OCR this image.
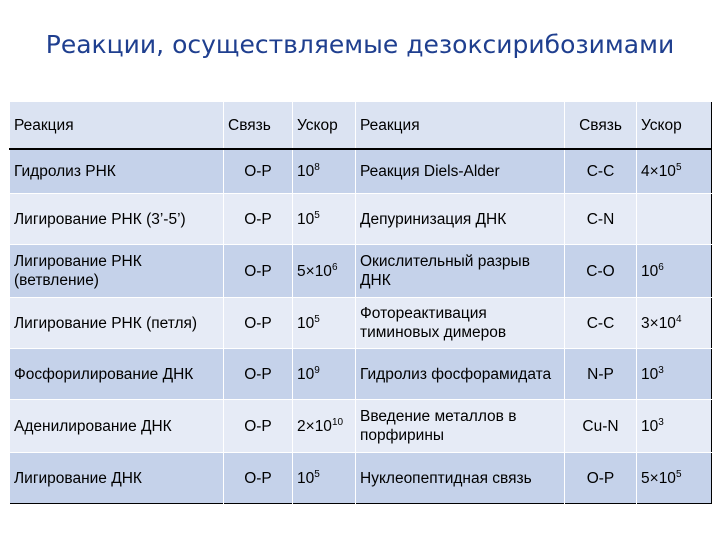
Реакции, осуществляемые дезоксирибозимами
Реакция	Связь	Ускор	Реакция	Связь	Ускор
Гидролиз РНК	O-P	$10^8$	Реакция Diels-Alder	C-C	$4\times 10^5$
Лигирование РНК (3’-5’)	O-P	$10^5$	Депуринизация ДНК	C-N	
Лигирование РНК (ветвление)	O-P	$5\times 10^6$	Окислительный разрыв ДНК	C-O	$10^6$
Лигирование РНК (петля)	O-P	$10^5$	Фотореактивация тиминовых димеров	C-C	$3\times 10^4$
Фосфорилирование ДНК	O-P	$10^9$	Гидролиз фосфорамидата	N-P	$10^3$
Аденилирование ДНК	O-P	$2\times 10^{10}$	Введение металлов в порфирины	Cu-N	$10^3$
Лигирование ДНК	O-P	$10^5$	Нуклеопептидная связь	O-P	$5\times 10^5$
